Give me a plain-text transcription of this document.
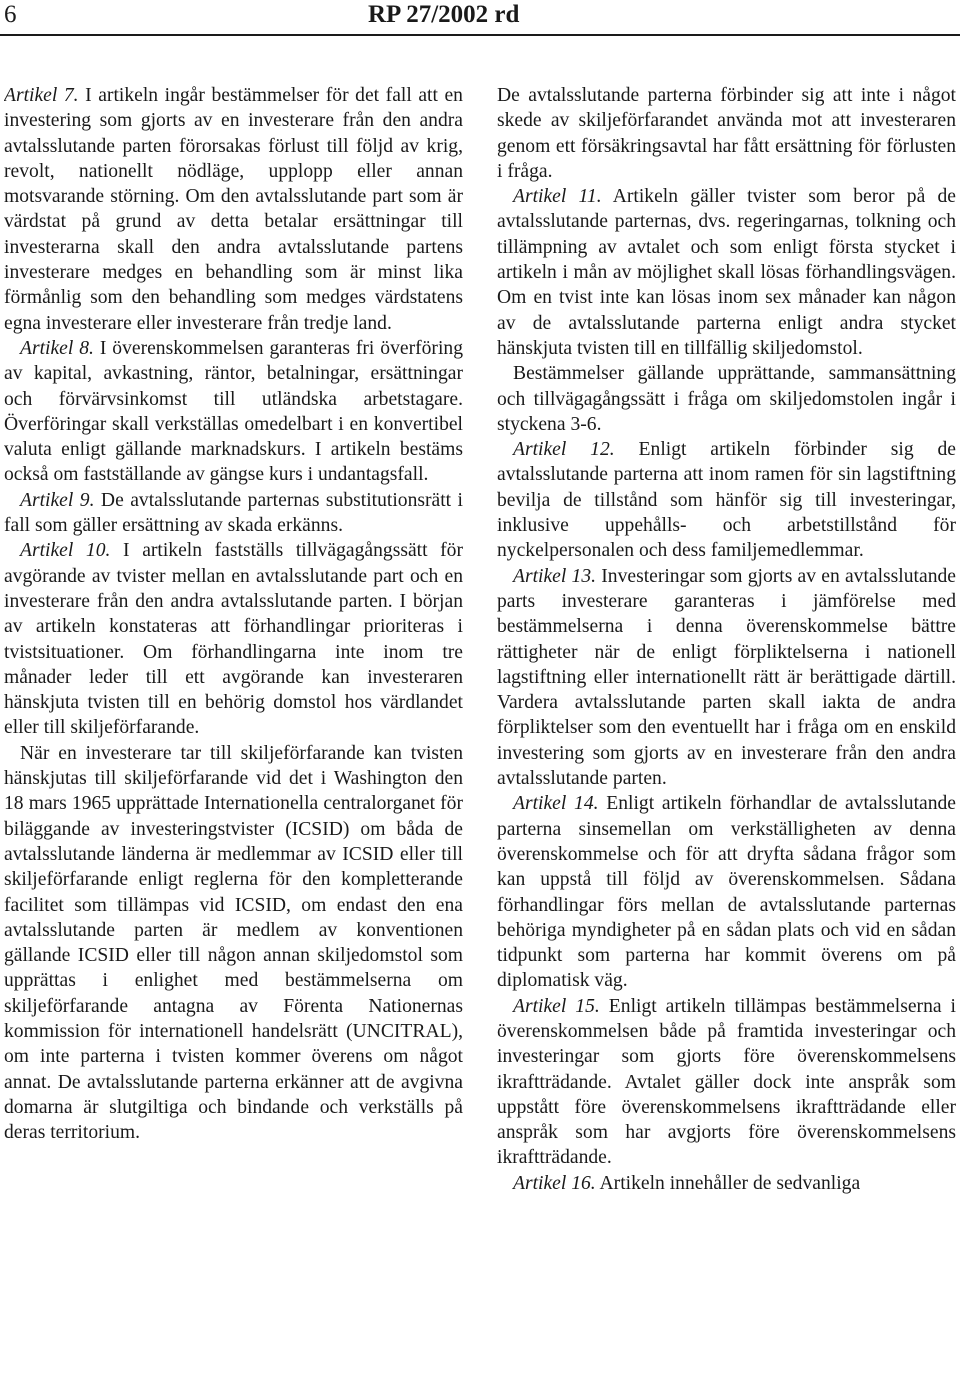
6	RP 27/2002 rd

Artikel 7. I artikeln ingår bestämmelser för det fall att en investering som gjorts av en investerare från den andra avtalsslutande parten förorsakas förlust till följd av krig, revolt, nationellt nödläge, upplopp eller annan motsvarande störning. Om den avtalsslutande part som är värdstat på grund av detta betalar ersättningar till investerarna skall den andra avtalsslutande partens investerare medges en behandling som är minst lika förmånlig som den behandling som medges värdstatens egna investerare eller investerare från tredje land.

Artikel 8. I överenskommelsen garanteras fri överföring av kapital, avkastning, räntor, betalningar, ersättningar och förvärvsinkomst till utländska arbetstagare. Överföringar skall verkställas omedelbart i en konvertibel valuta enligt gällande marknadskurs. I artikeln bestäms också om fastställande av gängse kurs i undantagsfall.

Artikel 9. De avtalsslutande parternas substitutionsrätt i fall som gäller ersättning av skada erkänns.

Artikel 10. I artikeln fastställs tillvägagångssätt för avgörande av tvister mellan en avtalsslutande part och en investerare från den andra avtalsslutande parten. I början av artikeln konstateras att förhandlingar prioriteras i tvistsituationer. Om förhandlingarna inte inom tre månader leder till ett avgörande kan investeraren hänskjuta tvisten till en behörig domstol hos värdlandet eller till skiljeförfarande.

När en investerare tar till skiljeförfarande kan tvisten hänskjutas till skiljeförfarande vid det i Washington den 18 mars 1965 upprättade Internationella centralorganet för biläggande av investeringstvister (ICSID) om båda de avtalsslutande länderna är medlemmar av ICSID eller till skiljeförfarande enligt reglerna för den kompletterande facilitet som tillämpas vid ICSID, om endast den ena avtalsslutande parten är medlem av konventionen gällande ICSID eller till någon annan skiljedomstol som upprättas i enlighet med bestämmelserna om skiljeförfarande antagna av Förenta Nationernas kommission för internationell handelsrätt (UNCITRAL), om inte parterna i tvisten kommer överens om något annat. De avtalsslutande parterna erkänner att de avgivna domarna är slutgiltiga och bindande och verkställs på deras territorium.

De avtalsslutande parterna förbinder sig att inte i något skede av skiljeförfarandet använda mot att investeraren genom ett försäkringsavtal har fått ersättning för förlusten i fråga.

Artikel 11. Artikeln gäller tvister som beror på de avtalsslutande parternas, dvs. regeringarnas, tolkning och tillämpning av avtalet och som enligt första stycket i artikeln i mån av möjlighet skall lösas förhandlingsvägen. Om en tvist inte kan lösas inom sex månader kan någon av de avtalsslutande parterna enligt andra stycket hänskjuta tvisten till en tillfällig skiljedomstol.

Bestämmelser gällande upprättande, sammansättning och tillvägagångssätt i fråga om skiljedomstolen ingår i styckena 3-6.

Artikel 12. Enligt artikeln förbinder sig de avtalsslutande parterna att inom ramen för sin lagstiftning bevilja de tillstånd som hänför sig till investeringar, inklusive uppehålls- och arbetstillstånd för nyckelpersonalen och dess familjemedlemmar.

Artikel 13. Investeringar som gjorts av en avtalsslutande parts investerare garanteras i jämförelse med bestämmelserna i denna överenskommelse bättre rättigheter när de enligt förpliktelserna i nationell lagstiftning eller internationellt rätt är berättigade därtill. Vardera avtalsslutande parten skall iakta de andra förpliktelser som den eventuellt har i fråga om en enskild investering som gjorts av en investerare från den andra avtalsslutande parten.

Artikel 14. Enligt artikeln förhandlar de avtalsslutande parterna sinsemellan om verkställigheten av denna överenskommelse och för att dryfta sådana frågor som kan uppstå till följd av överenskommelsen. Sådana förhandlingar förs mellan de avtalsslutande parternas behöriga myndigheter på en sådan plats och vid en sådan tidpunkt som parterna har kommit överens om på diplomatisk väg.

Artikel 15. Enligt artikeln tillämpas bestämmelserna i överenskommelsen både på framtida investeringar och investeringar som gjorts före överenskommelsens ikraftträdande. Avtalet gäller dock inte anspråk som uppstått före överenskommelsens ikraftträdande eller anspråk som har avgjorts före överenskommelsens ikraftträdande.

Artikel 16. Artikeln innehåller de sedvanliga
